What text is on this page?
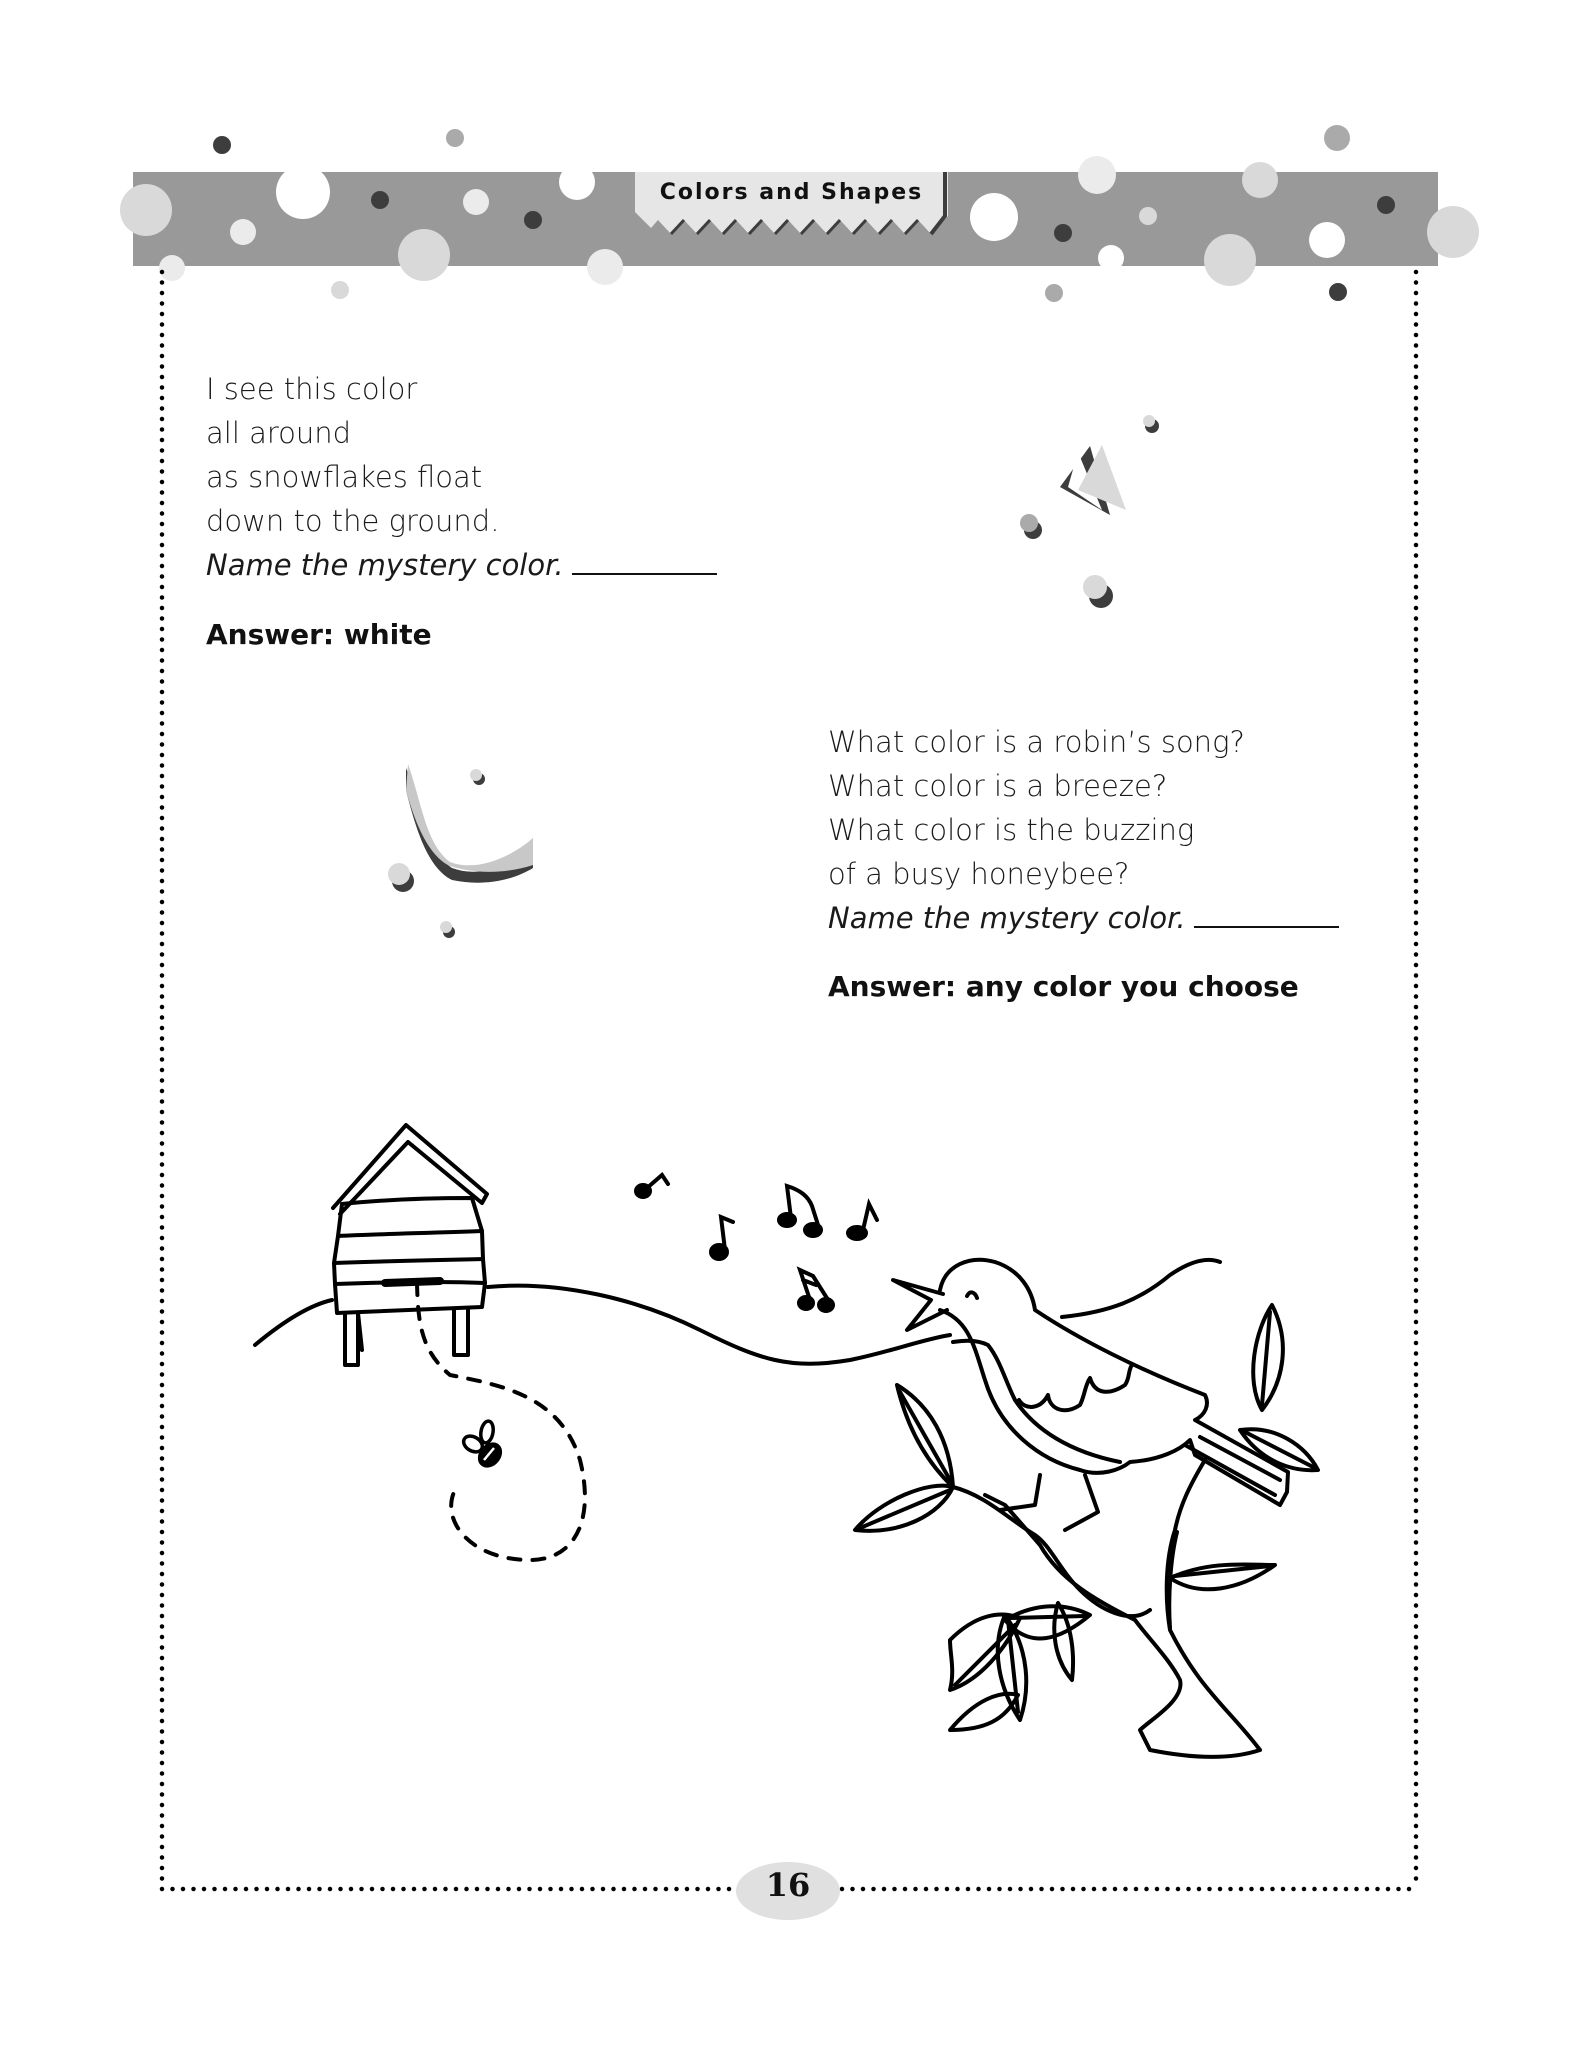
Colors and Shapes
I see this color
all around
as snowflakes float
down to the ground.
Name the mystery color.
Answer: white
What color is a robin’s song?
What color is a breeze?
What color is the buzzing
of a busy honeybee?
Name the mystery color.
Answer: any color you choose
16
